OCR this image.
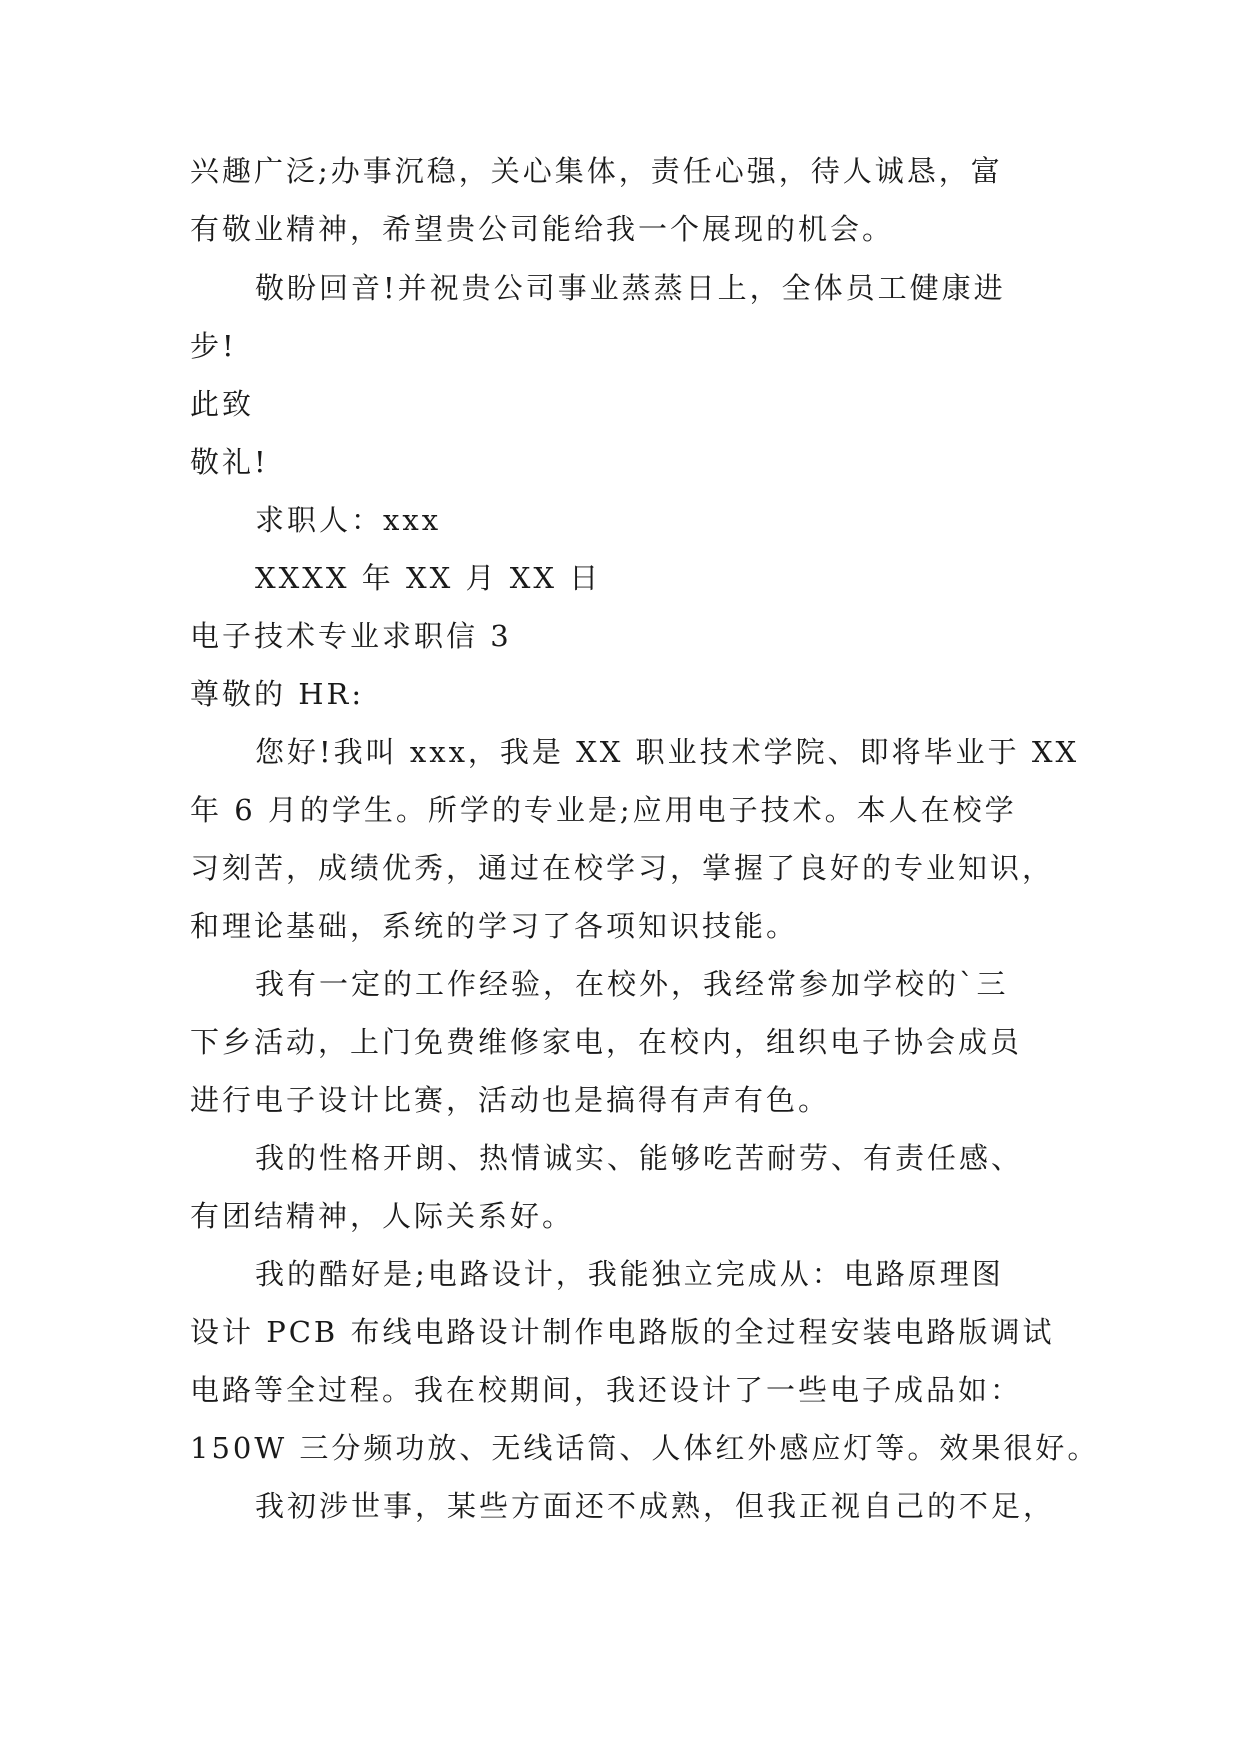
兴趣广泛;办事沉稳，关心集体，责任心强，待人诚恳，富
有敬业精神，希望贵公司能给我一个展现的机会。
敬盼回音!并祝贵公司事业蒸蒸日上，全体员工健康进
步!
此致
敬礼!
求职人：xxx
XXXX 年 XX 月 XX 日
电子技术专业求职信 3
尊敬的 HR:
您好!我叫 xxx，我是 XX 职业技术学院、即将毕业于 XX
年 6 月的学生。所学的专业是;应用电子技术。本人在校学
习刻苦，成绩优秀，通过在校学习，掌握了良好的专业知识，
和理论基础，系统的学习了各项知识技能。
我有一定的工作经验，在校外，我经常参加学校的`三
下乡活动，上门免费维修家电，在校内，组织电子协会成员
进行电子设计比赛，活动也是搞得有声有色。
我的性格开朗、热情诚实、能够吃苦耐劳、有责任感、
有团结精神，人际关系好。
我的酷好是;电路设计，我能独立完成从：电路原理图
设计 PCB 布线电路设计制作电路版的全过程安装电路版调试
电路等全过程。我在校期间，我还设计了一些电子成品如：
150W 三分频功放、无线话筒、人体红外感应灯等。效果很好。
我初涉世事，某些方面还不成熟，但我正视自己的不足，
